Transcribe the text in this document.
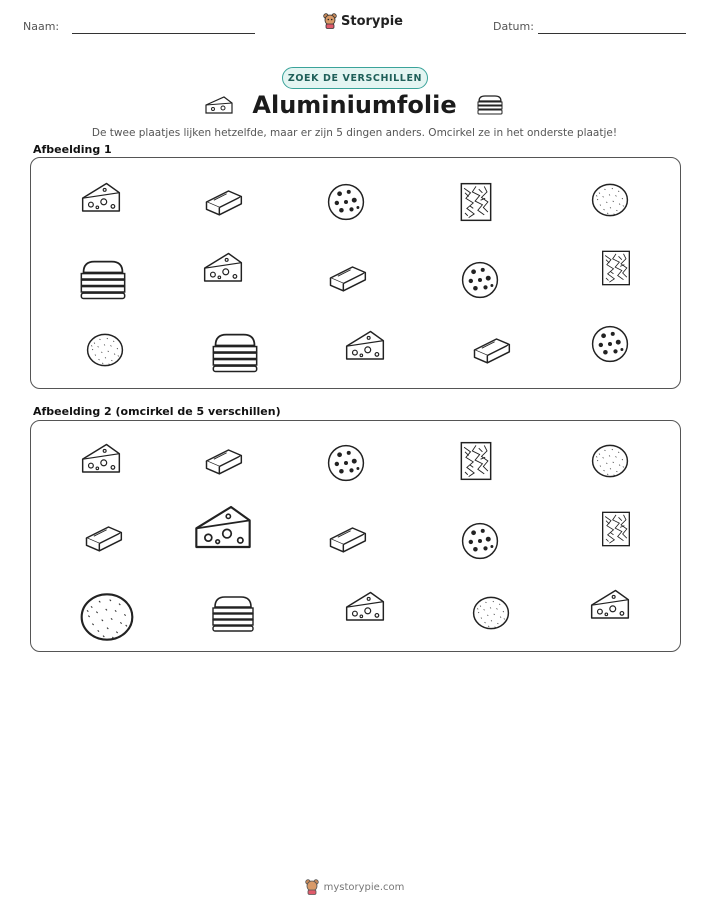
Naam:	Storypie	Datum:
ZOEK DE VERSCHILLEN
Aluminiumfolie
De twee plaatjes lijken hetzelfde, maar er zijn 5 dingen anders. Omcirkel ze in het onderste plaatje!
Afbeelding 1
Afbeelding 2 (omcirkel de 5 verschillen)
mystorypie.com
